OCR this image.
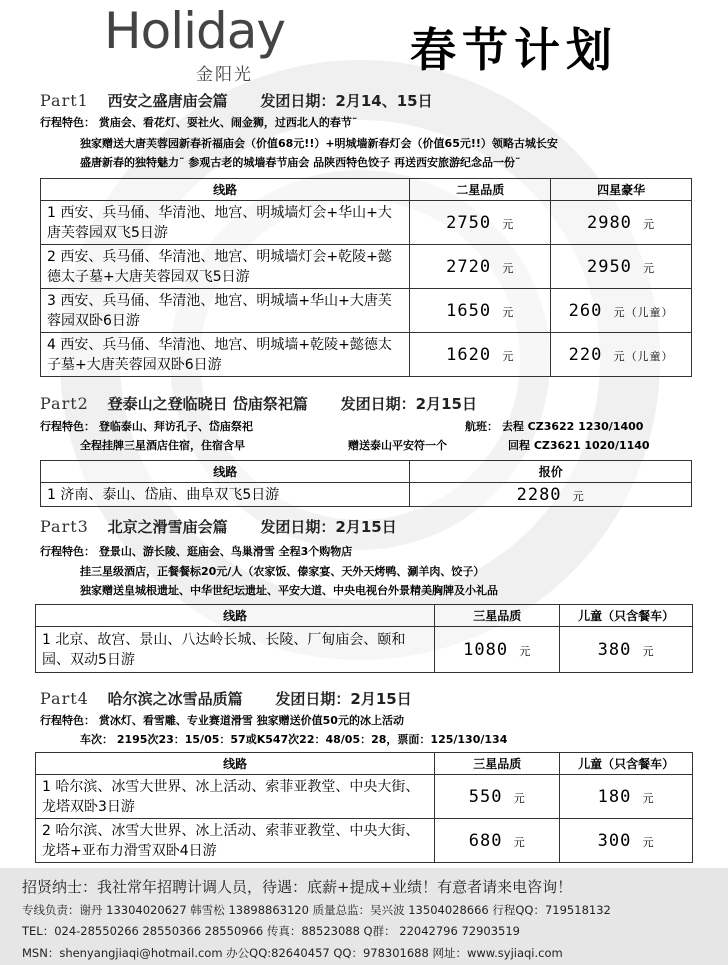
Holiday
金阳光	春节计划
Part1 西安之盛唐庙会篇 发团日期：2月14、15日
行程特色： 赏庙会、看花灯、耍社火、闹金狮，过西北人的春节˜
独家赠送大唐芙蓉园新春祈福庙会（价值68元!!）+明城墙新春灯会（价值65元!!）领略古城长安
盛唐新春的独特魅力˜ 参观古老的城墙春节庙会 品陕西特色饺子 再送西安旅游纪念品一份˜
线路	二星品质	四星豪华
1 西安、兵马俑、华清池、地宫、明城墙灯会+华山+大唐芙蓉园双飞5日游	2750 元	2980 元
2 西安、兵马俑、华清池、地宫、明城墙灯会+乾陵+懿德太子墓+大唐芙蓉园双飞5日游	2720 元	2950 元
3 西安、兵马俑、华清池、地宫、明城墙+华山+大唐芙蓉园双卧6日游	1650 元	260 元（儿童）
4 西安、兵马俑、华清池、地宫、明城墙+乾陵+懿德太子墓+大唐芙蓉园双卧6日游	1620 元	220 元（儿童）
Part2 登泰山之登临晓日 岱庙祭祀篇 发团日期：2月15日
行程特色： 登临泰山、拜访孔子、岱庙祭祀
全程挂牌三星酒店住宿，住宿含早	赠送泰山平安符一个
航班： 去程 CZ3622 1230/1400
回程 CZ3621 1020/1140
线路	报价
1 济南、泰山、岱庙、曲阜双飞5日游	2280 元
Part3 北京之滑雪庙会篇 发团日期：2月15日
行程特色： 登景山、游长陵、逛庙会、鸟巢滑雪 全程3个购物店
挂三星级酒店，正餐餐标20元/人（农家饭、傣家宴、天外天烤鸭、涮羊肉、饺子）
独家赠送皇城根遗址、中华世纪坛遗址、平安大道、中央电视台外景精美胸牌及小礼品
线路	三星品质	儿童（只含餐车）
1 北京、故宫、景山、八达岭长城、长陵、厂甸庙会、颐和园、双动5日游	1080 元	380 元
Part4 哈尔滨之冰雪品质篇 发团日期：2月15日
行程特色： 赏冰灯、看雪雕、专业赛道滑雪 独家赠送价值50元的冰上活动
车次： 2195次23：15/05：57或K547次22：48/05：28，票面：125/130/134
线路	三星品质	儿童（只含餐车）
1 哈尔滨、冰雪大世界、冰上活动、索菲亚教堂、中央大街、龙塔双卧3日游	550 元	180 元
2 哈尔滨、冰雪大世界、冰上活动、索菲亚教堂、中央大街、龙塔+亚布力滑雪双卧4日游	680 元	300 元
招贤纳士：我社常年招聘计调人员，待遇：底薪+提成+业绩！有意者请来电咨询！
专线负责：谢丹 13304020627 韩雪松 13898863120 质量总监：吴兴波 13504028666 行程QQ：719518132
TEL：024-28550266 28550366 28550966 传真：88523088 Q群： 22042796 72903519
MSN：shenyangjiaqi@hotmail.com 办公QQ:82640457 QQ：978301688 网址：www.syjiaqi.com
